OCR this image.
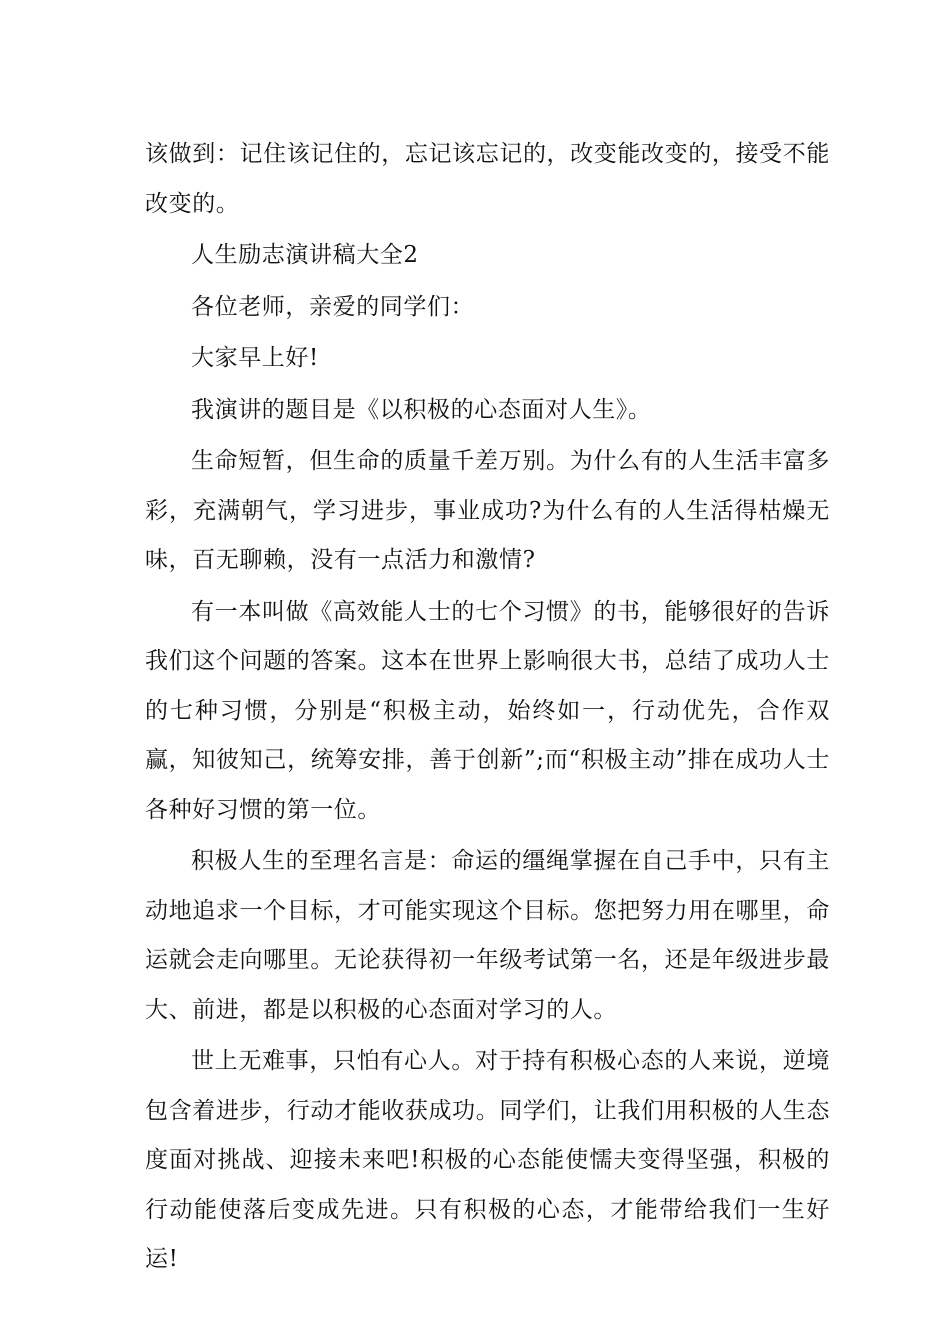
该做到：记住该记住的，忘记该忘记的，改变能改变的，接受不能改变的。

人生励志演讲稿大全2

各位老师，亲爱的同学们：

大家早上好!

我演讲的题目是《以积极的心态面对人生》。

生命短暂，但生命的质量千差万别。为什么有的人生活丰富多彩，充满朝气，学习进步，事业成功?为什么有的人生活得枯燥无味，百无聊赖，没有一点活力和激情?

有一本叫做《高效能人士的七个习惯》的书，能够很好的告诉我们这个问题的答案。这本在世界上影响很大书，总结了成功人士的七种习惯，分别是“积极主动，始终如一，行动优先，合作双赢，知彼知己，统筹安排，善于创新”;而“积极主动”排在成功人士各种好习惯的第一位。

积极人生的至理名言是：命运的缰绳掌握在自己手中，只有主动地追求一个目标，才可能实现这个目标。您把努力用在哪里，命运就会走向哪里。无论获得初一年级考试第一名，还是年级进步最大、前进，都是以积极的心态面对学习的人。

世上无难事，只怕有心人。对于持有积极心态的人来说，逆境包含着进步，行动才能收获成功。同学们，让我们用积极的人生态度面对挑战、迎接未来吧!积极的心态能使懦夫变得坚强，积极的行动能使落后变成先进。只有积极的心态，才能带给我们一生好运!
